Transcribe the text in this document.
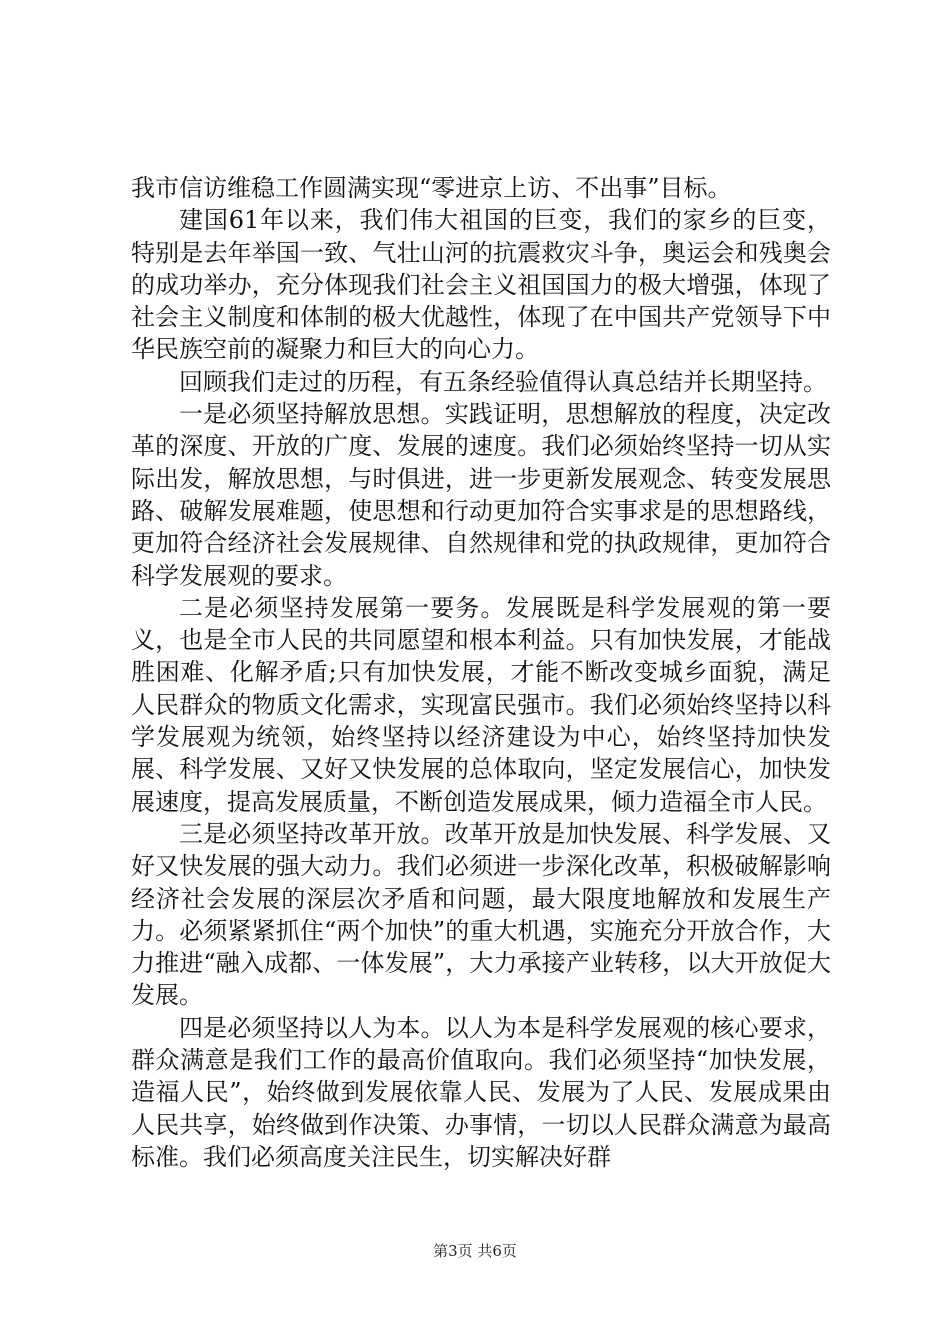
我市信访维稳工作圆满实现“零进京上访、不出事”目标。

建国61年以来，我们伟大祖国的巨变，我们的家乡的巨变，特别是去年举国一致、气壮山河的抗震救灾斗争，奥运会和残奥会的成功举办，充分体现我们社会主义祖国国力的极大增强，体现了社会主义制度和体制的极大优越性，体现了在中国共产党领导下中华民族空前的凝聚力和巨大的向心力。

回顾我们走过的历程，有五条经验值得认真总结并长期坚持。

一是必须坚持解放思想。实践证明，思想解放的程度，决定改革的深度、开放的广度、发展的速度。我们必须始终坚持一切从实际出发，解放思想，与时俱进，进一步更新发展观念、转变发展思路、破解发展难题，使思想和行动更加符合实事求是的思想路线，更加符合经济社会发展规律、自然规律和党的执政规律，更加符合科学发展观的要求。

二是必须坚持发展第一要务。发展既是科学发展观的第一要义，也是全市人民的共同愿望和根本利益。只有加快发展，才能战胜困难、化解矛盾;只有加快发展，才能不断改变城乡面貌，满足人民群众的物质文化需求，实现富民强市。我们必须始终坚持以科学发展观为统领，始终坚持以经济建设为中心，始终坚持加快发展、科学发展、又好又快发展的总体取向，坚定发展信心，加快发展速度，提高发展质量，不断创造发展成果，倾力造福全市人民。

三是必须坚持改革开放。改革开放是加快发展、科学发展、又好又快发展的强大动力。我们必须进一步深化改革，积极破解影响经济社会发展的深层次矛盾和问题，最大限度地解放和发展生产力。必须紧紧抓住“两个加快”的重大机遇，实施充分开放合作，大力推进“融入成都、一体发展”，大力承接产业转移，以大开放促大发展。

四是必须坚持以人为本。以人为本是科学发展观的核心要求，群众满意是我们工作的最高价值取向。我们必须坚持“加快发展，造福人民”，始终做到发展依靠人民、发展为了人民、发展成果由人民共享，始终做到作决策、办事情，一切以人民群众满意为最高标准。我们必须高度关注民生，切实解决好群

第3页 共6页
